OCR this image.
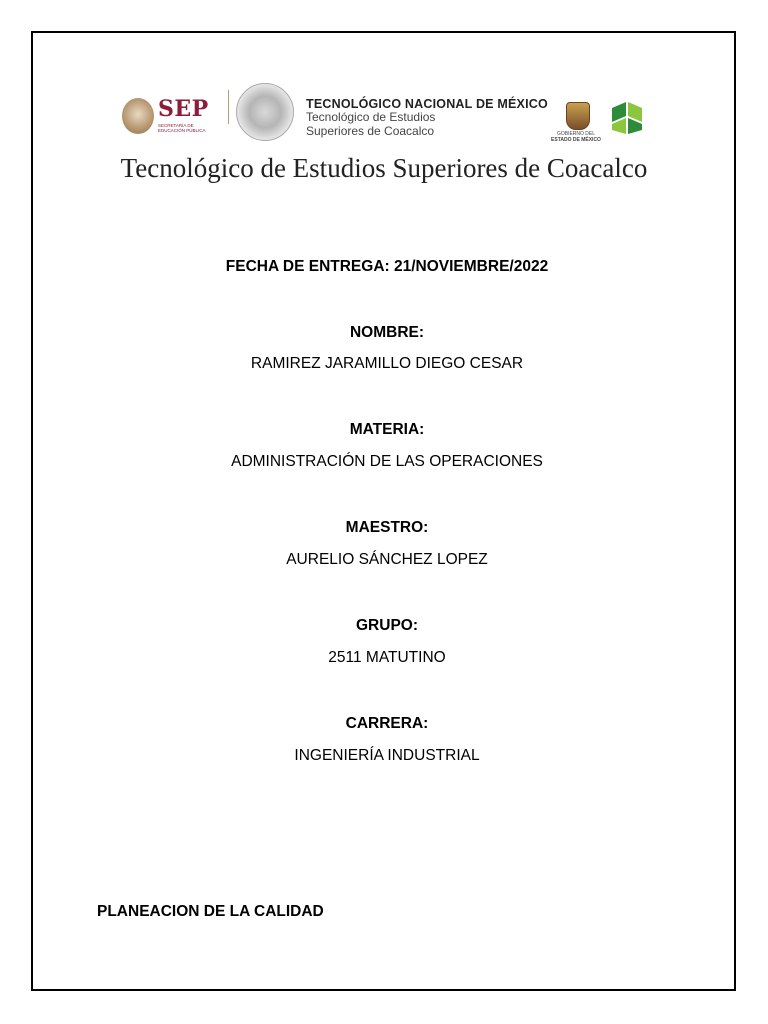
SEP
SECRETARÍA DE EDUCACIÓN PÚBLICA
TECNOLÓGICO NACIONAL DE MÉXICO
Tecnológico de Estudios
Superiores de Coacalco	GOBIERNO DEL
ESTADO DE MÉXICO
Tecnológico de Estudios Superiores de Coacalco
FECHA DE ENTREGA: 21/NOVIEMBRE/2022
NOMBRE:
RAMIREZ JARAMILLO DIEGO CESAR
MATERIA:
ADMINISTRACIÓN DE LAS OPERACIONES
MAESTRO:
AURELIO SÁNCHEZ LOPEZ
GRUPO:
2511 MATUTINO
CARRERA:
INGENIERÍA INDUSTRIAL
PLANEACION DE LA CALIDAD
